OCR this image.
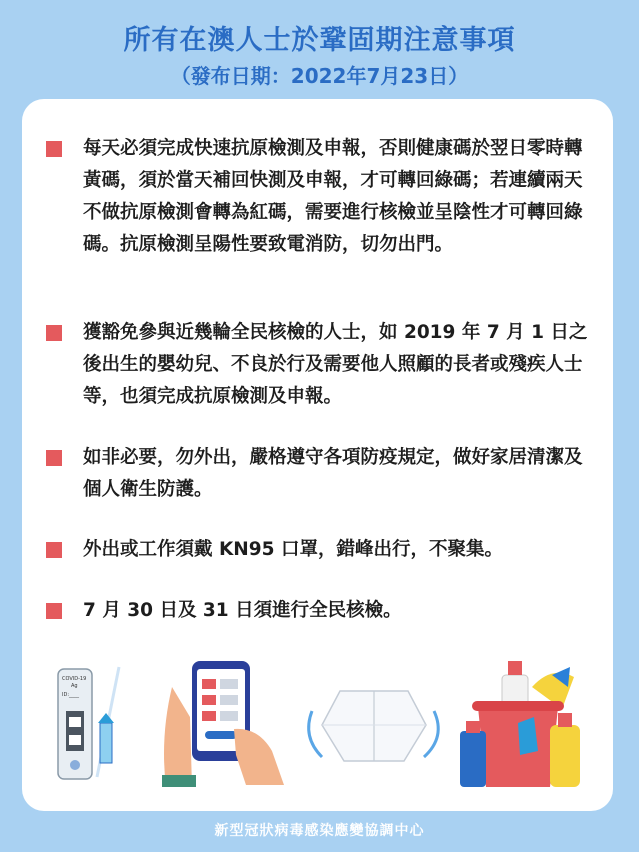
所有在澳人士於鞏固期注意事項
（發布日期：2022年7月23日）
每天必須完成快速抗原檢測及申報，否則健康碼於翌日零時轉黃碼，須於當天補回快測及申報，才可轉回綠碼；若連續兩天不做抗原檢測會轉為紅碼，需要進行核檢並呈陰性才可轉回綠碼。抗原檢測呈陽性要致電消防，切勿出門。
獲豁免參與近幾輪全民核檢的人士，如 2019 年 7 月 1 日之後出生的嬰幼兒、不良於行及需要他人照顧的長者或殘疾人士等，也須完成抗原檢測及申報。
如非必要，勿外出，嚴格遵守各項防疫規定，做好家居清潔及個人衛生防護。
外出或工作須戴 KN95 口罩，錯峰出行，不聚集。
7 月 30 日及 31 日須進行全民核檢。
COVID-19
Ag
ID:____
新型冠狀病毒感染應變協調中心
